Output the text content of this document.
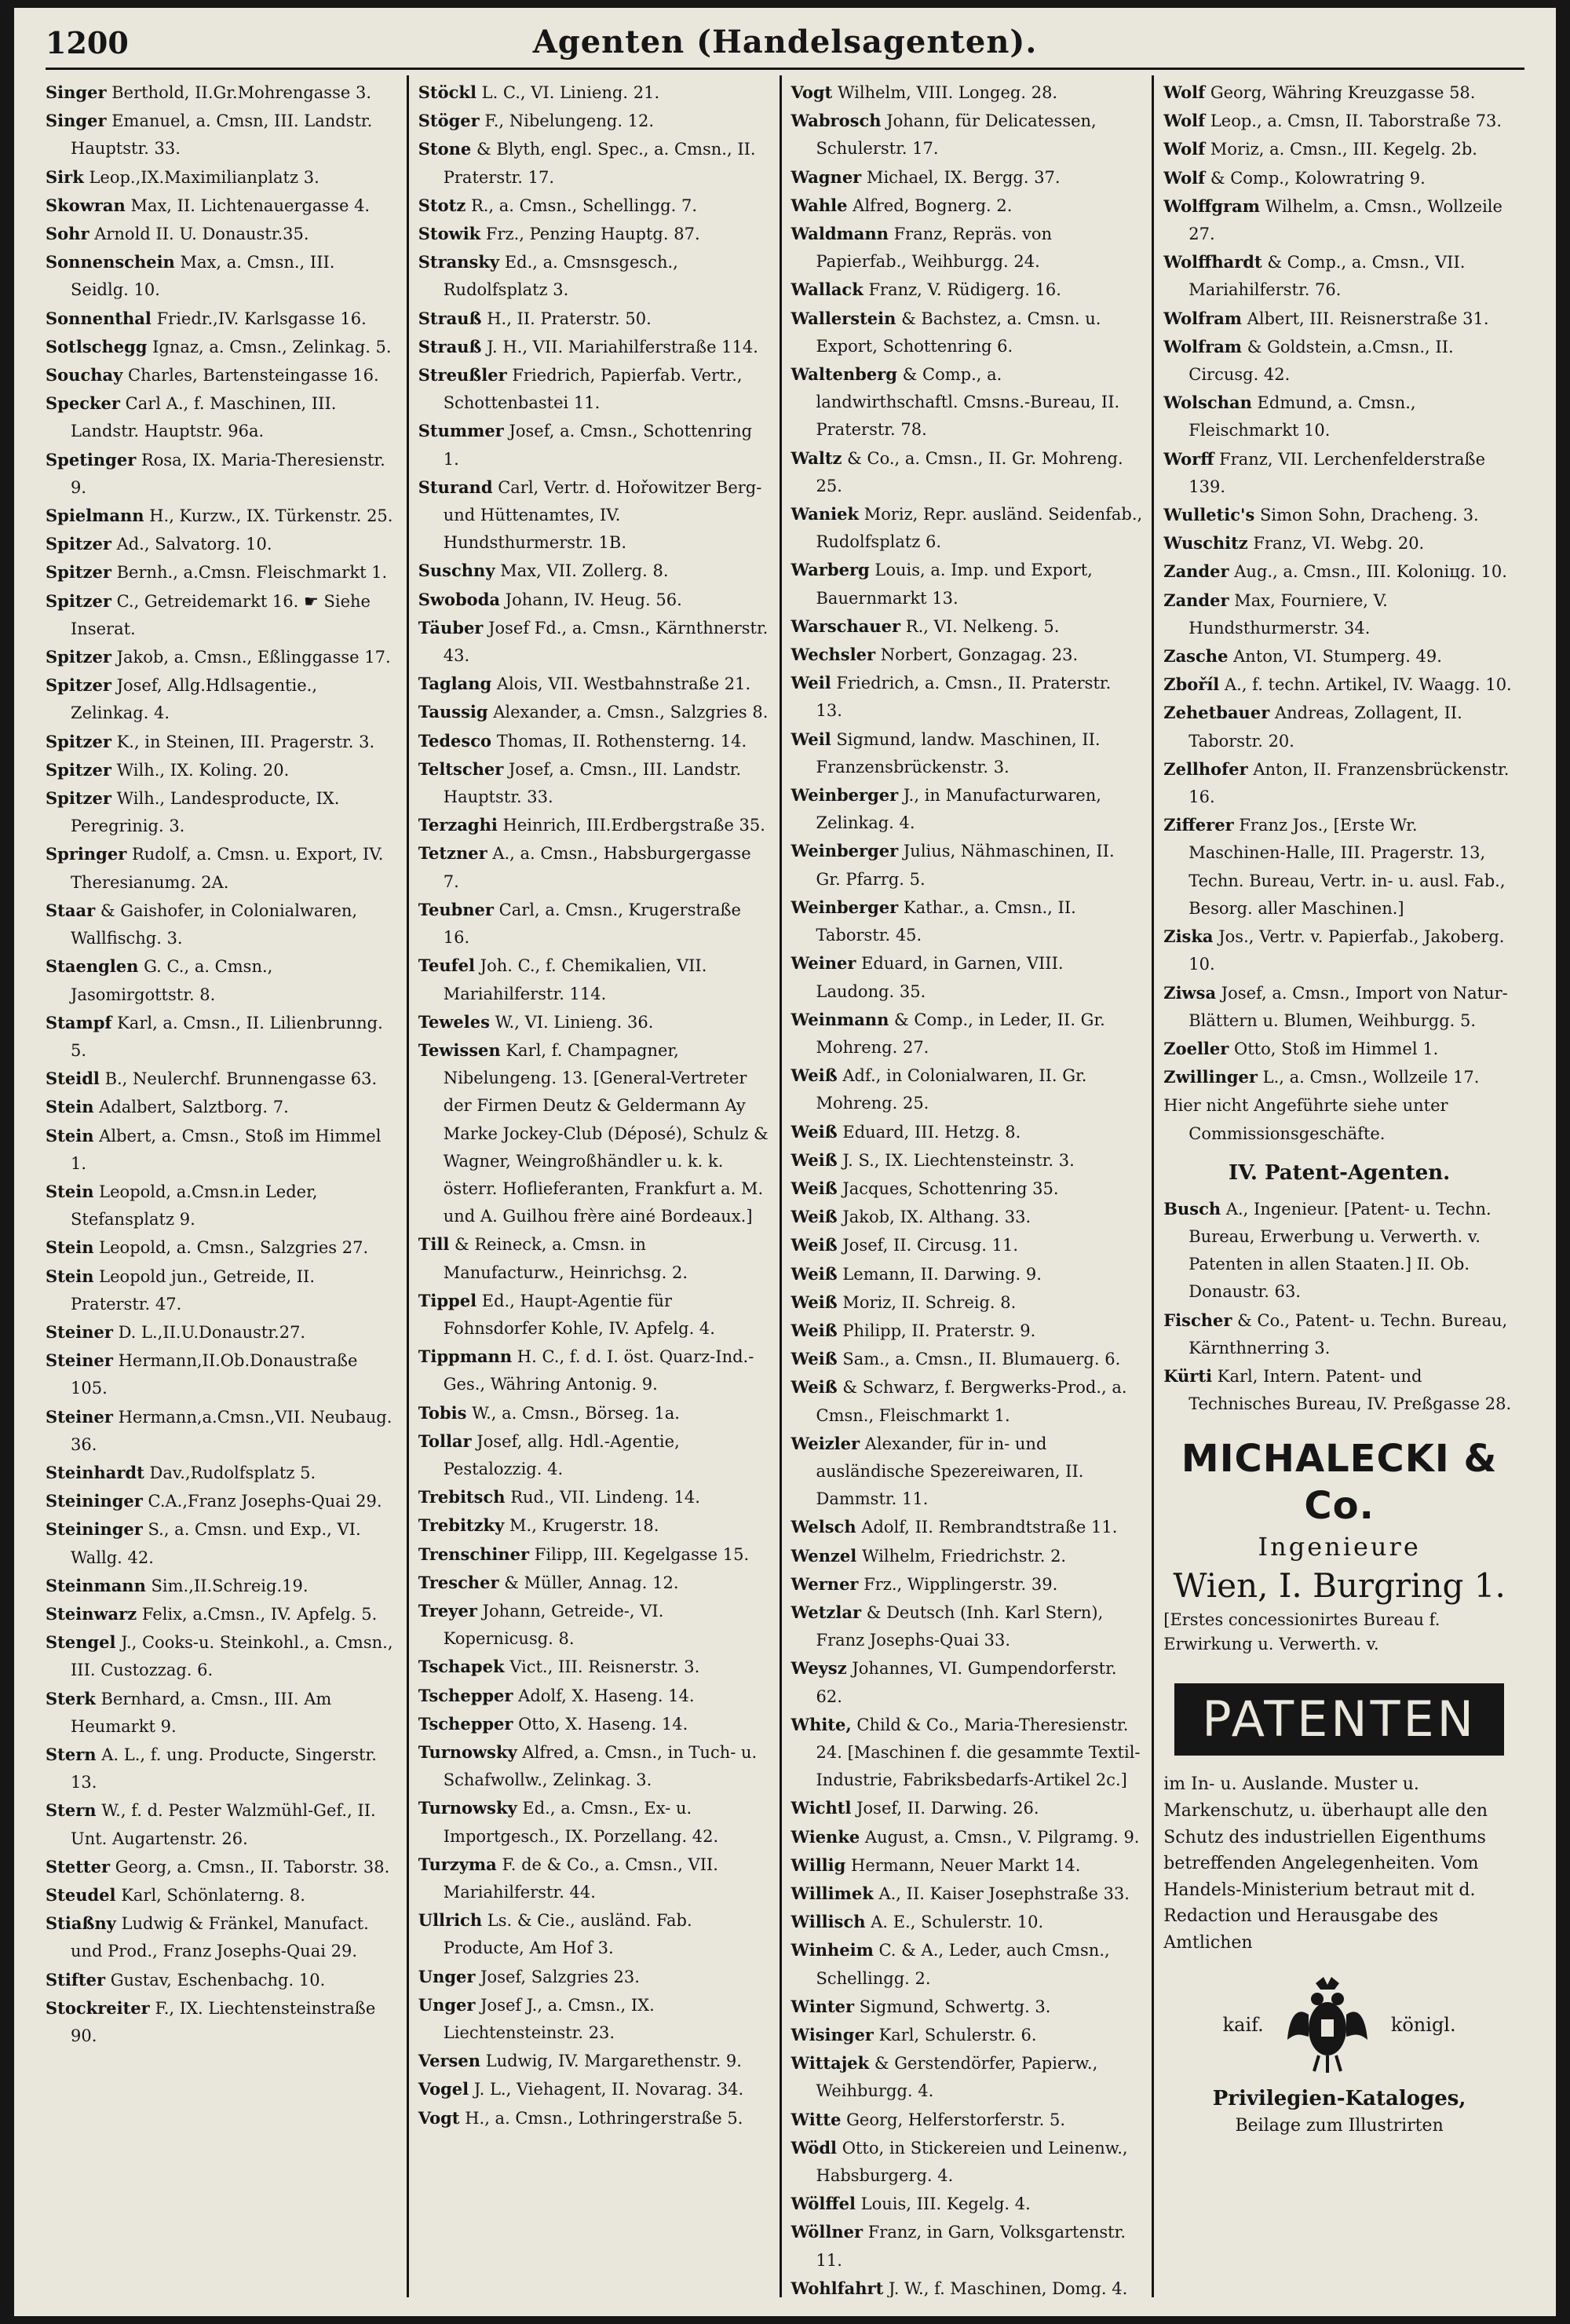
1200	Agenten (Handelsagenten).

Singer Berthold, II.Gr.Mohrengasse 3.

Singer Emanuel, a. Cmsn, III. Landstr. Hauptstr. 33.

Sirk Leop.,IX.Maximilianplatz 3.

Skowran Max, II. Lichtenauergasse 4.

Sohr Arnold II. U. Donaustr.35.

Sonnenschein Max, a. Cmsn., III. Seidlg. 10.

Sonnenthal Friedr.,IV. Karlsgasse 16.

Sotlschegg Ignaz, a. Cmsn., Zelinkag. 5.

Souchay Charles, Bartensteingasse 16.

Specker Carl A., f. Maschinen, III. Landstr. Hauptstr. 96a.

Spetinger Rosa, IX. Maria-Theresienstr. 9.

Spielmann H., Kurzw., IX. Türkenstr. 25.

Spitzer Ad., Salvatorg. 10.

Spitzer Bernh., a.Cmsn. Fleischmarkt 1.

Spitzer C., Getreidemarkt 16. ☛ Siehe Inserat.

Spitzer Jakob, a. Cmsn., Eßlinggasse 17.

Spitzer Josef, Allg.Hdlsagentie., Zelinkag. 4.

Spitzer K., in Steinen, III. Pragerstr. 3.

Spitzer Wilh., IX. Koling. 20.

Spitzer Wilh., Landesproducte, IX. Peregrinig. 3.

Springer Rudolf, a. Cmsn. u. Export, IV. Theresianumg. 2A.

Staar & Gaishofer, in Colonialwaren, Wallfischg. 3.

Staenglen G. C., a. Cmsn., Jasomirgottstr. 8.

Stampf Karl, a. Cmsn., II. Lilienbrunng. 5.

Steidl B., Neulerchf. Brunnengasse 63.

Stein Adalbert, Salztborg. 7.

Stein Albert, a. Cmsn., Stoß im Himmel 1.

Stein Leopold, a.Cmsn.in Leder, Stefansplatz 9.

Stein Leopold, a. Cmsn., Salzgries 27.

Stein Leopold jun., Getreide, II. Praterstr. 47.

Steiner D. L.,II.U.Donaustr.27.

Steiner Hermann,II.Ob.Donaustraße 105.

Steiner Hermann,a.Cmsn.,VII. Neubaug. 36.

Steinhardt Dav.,Rudolfsplatz 5.

Steininger C.A.,Franz Josephs-Quai 29.

Steininger S., a. Cmsn. und Exp., VI. Wallg. 42.

Steinmann Sim.,II.Schreig.19.

Steinwarz Felix, a.Cmsn., IV. Apfelg. 5.

Stengel J., Cooks-u. Steinkohl., a. Cmsn., III. Custozzag. 6.

Sterk Bernhard, a. Cmsn., III. Am Heumarkt 9.

Stern A. L., f. ung. Producte, Singerstr. 13.

Stern W., f. d. Pester Walzmühl-Gef., II. Unt. Augartenstr. 26.

Stetter Georg, a. Cmsn., II. Taborstr. 38.

Steudel Karl, Schönlaterng. 8.

Stiaßny Ludwig & Fränkel, Manufact. und Prod., Franz Josephs-Quai 29.

Stifter Gustav, Eschenbachg. 10.

Stockreiter F., IX. Liechtensteinstraße 90.

Stöckl L. C., VI. Linieng. 21.

Stöger F., Nibelungeng. 12.

Stone & Blyth, engl. Spec., a. Cmsn., II. Praterstr. 17.

Stotz R., a. Cmsn., Schellingg. 7.

Stowik Frz., Penzing Hauptg. 87.

Stransky Ed., a. Cmsnsgesch., Rudolfsplatz 3.

Strauß H., II. Praterstr. 50.

Strauß J. H., VII. Mariahilferstraße 114.

Streußler Friedrich, Papierfab. Vertr., Schottenbastei 11.

Stummer Josef, a. Cmsn., Schottenring 1.

Sturand Carl, Vertr. d. Hořowitzer Berg- und Hüttenamtes, IV. Hundsthurmerstr. 1B.

Suschny Max, VII. Zollerg. 8.

Swoboda Johann, IV. Heug. 56.

Täuber Josef Fd., a. Cmsn., Kärnthnerstr. 43.

Taglang Alois, VII. Westbahnstraße 21.

Taussig Alexander, a. Cmsn., Salzgries 8.

Tedesco Thomas, II. Rothensterng. 14.

Teltscher Josef, a. Cmsn., III. Landstr. Hauptstr. 33.

Terzaghi Heinrich, III.Erdbergstraße 35.

Tetzner A., a. Cmsn., Habsburgergasse 7.

Teubner Carl, a. Cmsn., Krugerstraße 16.

Teufel Joh. C., f. Chemikalien, VII. Mariahilferstr. 114.

Teweles W., VI. Linieng. 36.

Tewissen Karl, f. Champagner, Nibelungeng. 13. [General-Vertreter der Firmen Deutz & Geldermann Ay Marke Jockey-Club (Déposé), Schulz & Wagner, Weingroßhändler u. k. k. österr. Hoflieferanten, Frankfurt a. M. und A. Guilhou frère ainé Bordeaux.]

Till & Reineck, a. Cmsn. in Manufacturw., Heinrichsg. 2.

Tippel Ed., Haupt-Agentie für Fohnsdorfer Kohle, IV. Apfelg. 4.

Tippmann H. C., f. d. I. öst. Quarz-Ind.-Ges., Währing Antonig. 9.

Tobis W., a. Cmsn., Börseg. 1a.

Tollar Josef, allg. Hdl.-Agentie, Pestalozzig. 4.

Trebitsch Rud., VII. Lindeng. 14.

Trebitzky M., Krugerstr. 18.

Trenschiner Filipp, III. Kegelgasse 15.

Trescher & Müller, Annag. 12.

Treyer Johann, Getreide-, VI. Kopernicusg. 8.

Tschapek Vict., III. Reisnerstr. 3.

Tschepper Adolf, X. Haseng. 14.

Tschepper Otto, X. Haseng. 14.

Turnowsky Alfred, a. Cmsn., in Tuch- u. Schafwollw., Zelinkag. 3.

Turnowsky Ed., a. Cmsn., Ex- u. Importgesch., IX. Porzellang. 42.

Turzyma F. de & Co., a. Cmsn., VII. Mariahilferstr. 44.

Ullrich Ls. & Cie., ausländ. Fab. Producte, Am Hof 3.

Unger Josef, Salzgries 23.

Unger Josef J., a. Cmsn., IX. Liechtensteinstr. 23.

Versen Ludwig, IV. Margarethenstr. 9.

Vogel J. L., Viehagent, II. Novarag. 34.

Vogt H., a. Cmsn., Lothringerstraße 5.

Vogt Wilhelm, VIII. Longeg. 28.

Wabrosch Johann, für Delicatessen, Schulerstr. 17.

Wagner Michael, IX. Bergg. 37.

Wahle Alfred, Bognerg. 2.

Waldmann Franz, Repräs. von Papierfab., Weihburgg. 24.

Wallack Franz, V. Rüdigerg. 16.

Wallerstein & Bachstez, a. Cmsn. u. Export, Schottenring 6.

Waltenberg & Comp., a. landwirthschaftl. Cmsns.-Bureau, II. Praterstr. 78.

Waltz & Co., a. Cmsn., II. Gr. Mohreng. 25.

Waniek Moriz, Repr. ausländ. Seidenfab., Rudolfsplatz 6.

Warberg Louis, a. Imp. und Export, Bauernmarkt 13.

Warschauer R., VI. Nelkeng. 5.

Wechsler Norbert, Gonzagag. 23.

Weil Friedrich, a. Cmsn., II. Praterstr. 13.

Weil Sigmund, landw. Maschinen, II. Franzensbrückenstr. 3.

Weinberger J., in Manufacturwaren, Zelinkag. 4.

Weinberger Julius, Nähmaschinen, II. Gr. Pfarrg. 5.

Weinberger Kathar., a. Cmsn., II. Taborstr. 45.

Weiner Eduard, in Garnen, VIII. Laudong. 35.

Weinmann & Comp., in Leder, II. Gr. Mohreng. 27.

Weiß Adf., in Colonialwaren, II. Gr. Mohreng. 25.

Weiß Eduard, III. Hetzg. 8.

Weiß J. S., IX. Liechtensteinstr. 3.

Weiß Jacques, Schottenring 35.

Weiß Jakob, IX. Althang. 33.

Weiß Josef, II. Circusg. 11.

Weiß Lemann, II. Darwing. 9.

Weiß Moriz, II. Schreig. 8.

Weiß Philipp, II. Praterstr. 9.

Weiß Sam., a. Cmsn., II. Blumauerg. 6.

Weiß & Schwarz, f. Bergwerks-Prod., a. Cmsn., Fleischmarkt 1.

Weizler Alexander, für in- und ausländische Spezereiwaren, II. Dammstr. 11.

Welsch Adolf, II. Rembrandtstraße 11.

Wenzel Wilhelm, Friedrichstr. 2.

Werner Frz., Wipplingerstr. 39.

Wetzlar & Deutsch (Inh. Karl Stern), Franz Josephs-Quai 33.

Weysz Johannes, VI. Gumpendorferstr. 62.

White, Child & Co., Maria-Theresienstr. 24. [Maschinen f. die gesammte Textil-Industrie, Fabriksbedarfs-Artikel 2c.]

Wichtl Josef, II. Darwing. 26.

Wienke August, a. Cmsn., V. Pilgramg. 9.

Willig Hermann, Neuer Markt 14.

Willimek A., II. Kaiser Josephstraße 33.

Willisch A. E., Schulerstr. 10.

Winheim C. & A., Leder, auch Cmsn., Schellingg. 2.

Winter Sigmund, Schwertg. 3.

Wisinger Karl, Schulerstr. 6.

Wittajek & Gerstendörfer, Papierw., Weihburgg. 4.

Witte Georg, Helferstorferstr. 5.

Wödl Otto, in Stickereien und Leinenw., Habsburgerg. 4.

Wölffel Louis, III. Kegelg. 4.

Wöllner Franz, in Garn, Volksgartenstr. 11.

Wohlfahrt J. W., f. Maschinen, Domg. 4.

Wolf Georg, Währing Kreuzgasse 58.

Wolf Leop., a. Cmsn, II. Taborstraße 73.

Wolf Moriz, a. Cmsn., III. Kegelg. 2b.

Wolf & Comp., Kolowratring 9.

Wolffgram Wilhelm, a. Cmsn., Wollzeile 27.

Wolffhardt & Comp., a. Cmsn., VII. Mariahilferstr. 76.

Wolfram Albert, III. Reisnerstraße 31.

Wolfram & Goldstein, a.Cmsn., II. Circusg. 42.

Wolschan Edmund, a. Cmsn., Fleischmarkt 10.

Worff Franz, VII. Lerchenfelderstraße 139.

Wulletic's Simon Sohn, Dracheng. 3.

Wuschitz Franz, VI. Webg. 20.

Zander Aug., a. Cmsn., III. Koloniцg. 10.

Zander Max, Fourniere, V. Hundsthurmerstr. 34.

Zasche Anton, VI. Stumperg. 49.

Zboříl A., f. techn. Artikel, IV. Waagg. 10.

Zehetbauer Andreas, Zollagent, II. Taborstr. 20.

Zellhofer Anton, II. Franzensbrückenstr. 16.

Zifferer Franz Jos., [Erste Wr. Maschinen-Halle, III. Pragerstr. 13, Techn. Bureau, Vertr. in- u. ausl. Fab., Besorg. aller Maschinen.]

Ziska Jos., Vertr. v. Papierfab., Jakoberg. 10.

Ziwsa Josef, a. Cmsn., Import von Natur-Blättern u. Blumen, Weihburgg. 5.

Zoeller Otto, Stoß im Himmel 1.

Zwillinger L., a. Cmsn., Wollzeile 17.

Hier nicht Angeführte siehe unter Commissionsgeschäfte.

IV. Patent-Agenten.

Busch A., Ingenieur. [Patent- u. Techn. Bureau, Erwerbung u. Verwerth. v. Patenten in allen Staaten.] II. Ob. Donaustr. 63.

Fischer & Co., Patent- u. Techn. Bureau, Kärnthnerring 3.

Kürti Karl, Intern. Patent- und Technisches Bureau, IV. Preßgasse 28.

MICHALECKI & Co.
Ingenieure
Wien, I. Burgring 1.
[Erstes concessionirtes Bureau f. Erwirkung u. Verwerth. v.
PATENTEN
im In- u. Auslande. Muster u. Markenschutz, u. überhaupt alle den Schutz des industriellen Eigenthums betreffenden Angelegenheiten. Vom Handels-Ministerium betraut mit d. Redaction und Herausgabe des Amtlichen
kaif.	königl.
Privilegien-Kataloges,
Beilage zum Illustrirten
